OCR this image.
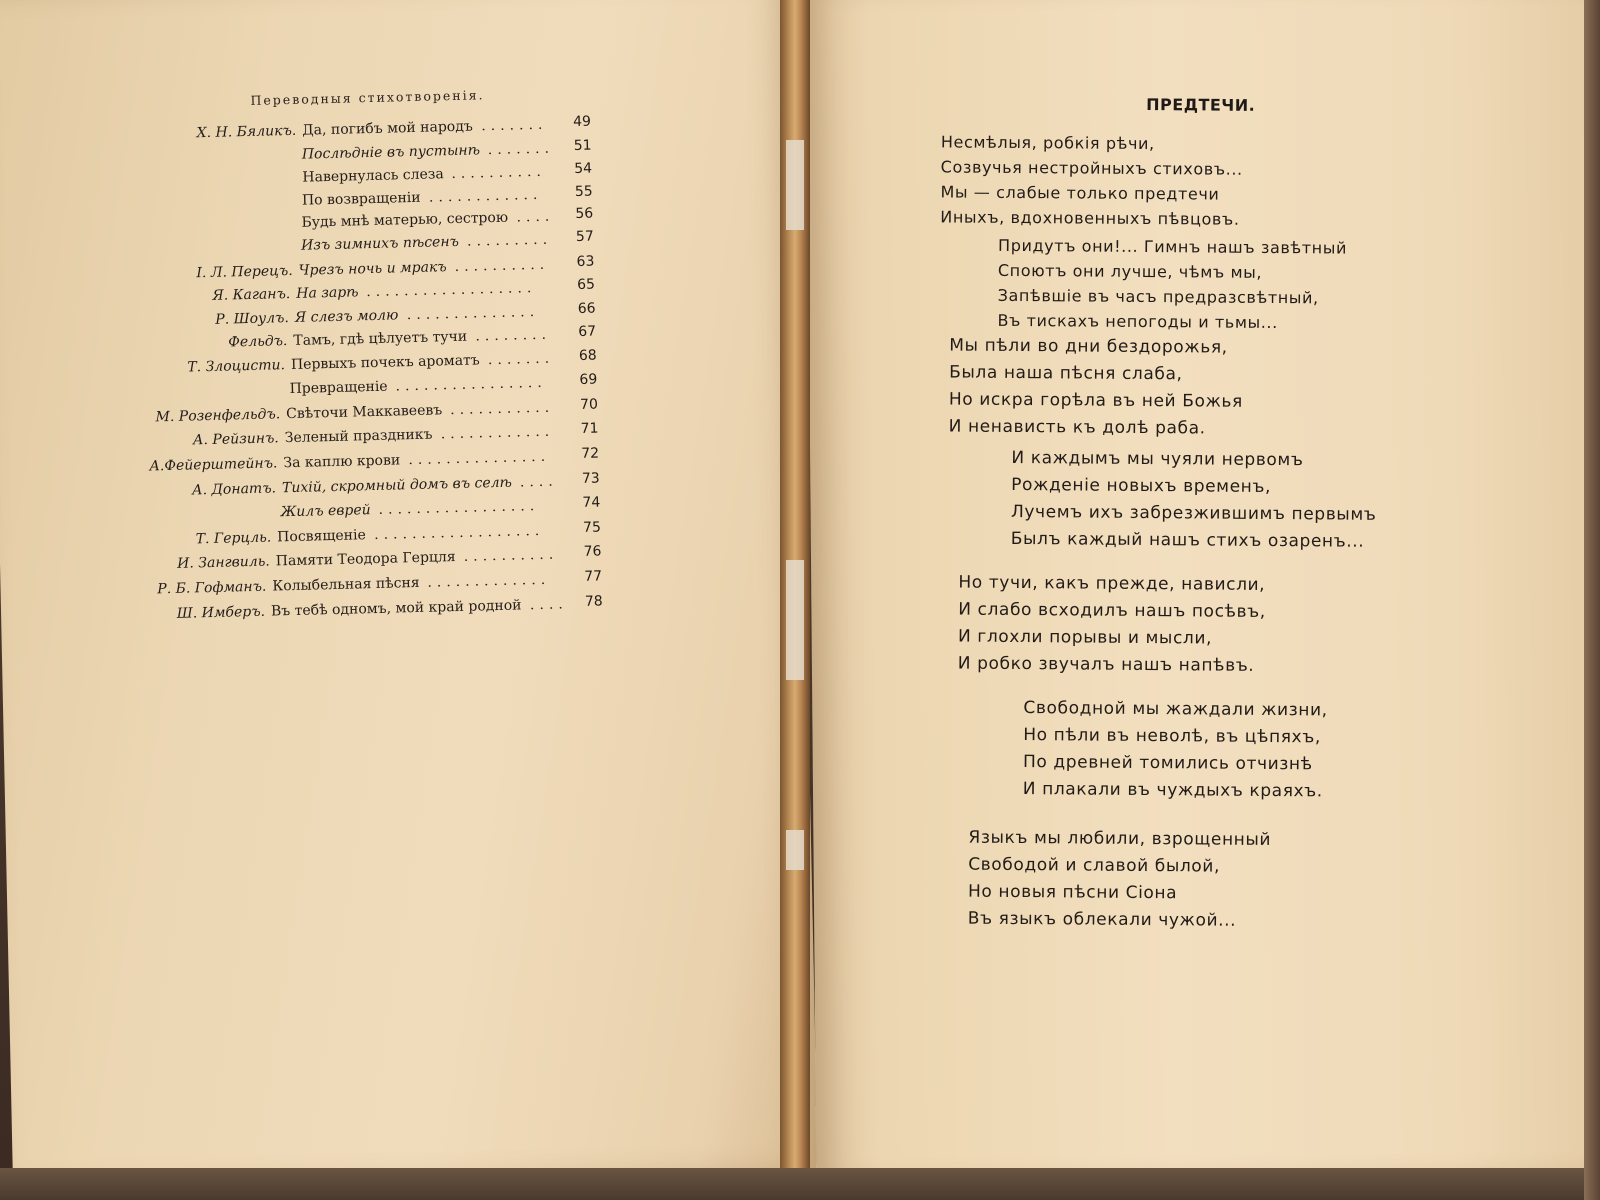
Переводныя стихотворенія.
Х. Н. Бяликъ. Да, погибъ мой народъ ....... 49
Послѣдніе въ пустынѣ ....... 51
Навернулась слеза .......... 54
По возвращеніи ............ 55
Будь мнѣ матерью, сестрою .... 56
Изъ зимнихъ пѣсенъ ......... 57
І. Л. Перецъ. Чрезъ ночь и мракъ .......... 63
Я. Каганъ. На зарѣ ..................	65
Р. Шоулъ. Я слезъ молю ..............	66
Фельдъ. Тамъ, гдѣ цѣлуетъ тучи ........ 67
Т. Злоцисти. Первыхъ почекъ ароматъ ....... 68
Превращеніе ................ 69
М. Розенфельдъ. Свѣточи Маккавеевъ ........... 70
А. Рейзинъ. Зеленый праздникъ ............ 71
А.Фейерштейнъ. За каплю крови ............... 72
А. Донатъ. Тихій, скромный домъ въ селѣ .... 73
Жилъ еврей .................	74
Т. Герцль. Посвященіе ..................	75
И. Зангвиль. Памяти Теодора Герцля .......... 76
Р. Б. Гофманъ. Колыбельная пѣсня ............. 77
Ш. Имберъ. Въ тебѣ одномъ, мой край родной .... 78
ПРЕДТЕЧИ.
Несмѣлыя, робкія рѣчи,
Созвучья нестройныхъ стиховъ...
Мы — слабые только предтечи
Иныхъ, вдохновенныхъ пѣвцовъ.
Придутъ они!... Гимнъ нашъ завѣтный
Споютъ они лучше, чѣмъ мы,
Запѣвшіе въ часъ предразсвѣтный,
Въ тискахъ непогоды и тьмы...
Мы пѣли во дни бездорожья,
Была наша пѣсня слаба,
Но искра горѣла въ ней Божья
И ненависть къ долѣ раба.
И каждымъ мы чуяли нервомъ
Рожденіе новыхъ временъ,
Лучемъ ихъ забрезжившимъ первымъ
Былъ каждый нашъ стихъ озаренъ...
Но тучи, какъ прежде, нависли,
И слабо всходилъ нашъ посѣвъ,
И глохли порывы и мысли,
И робко звучалъ нашъ напѣвъ.
Свободной мы жаждали жизни,
Но пѣли въ неволѣ, въ цѣпяхъ,
По древней томились отчизнѣ
И плакали въ чуждыхъ краяхъ.
Языкъ мы любили, взрощенный
Свободой и славой былой,
Но новыя пѣсни Сіона
Въ языкъ облекали чужой...
